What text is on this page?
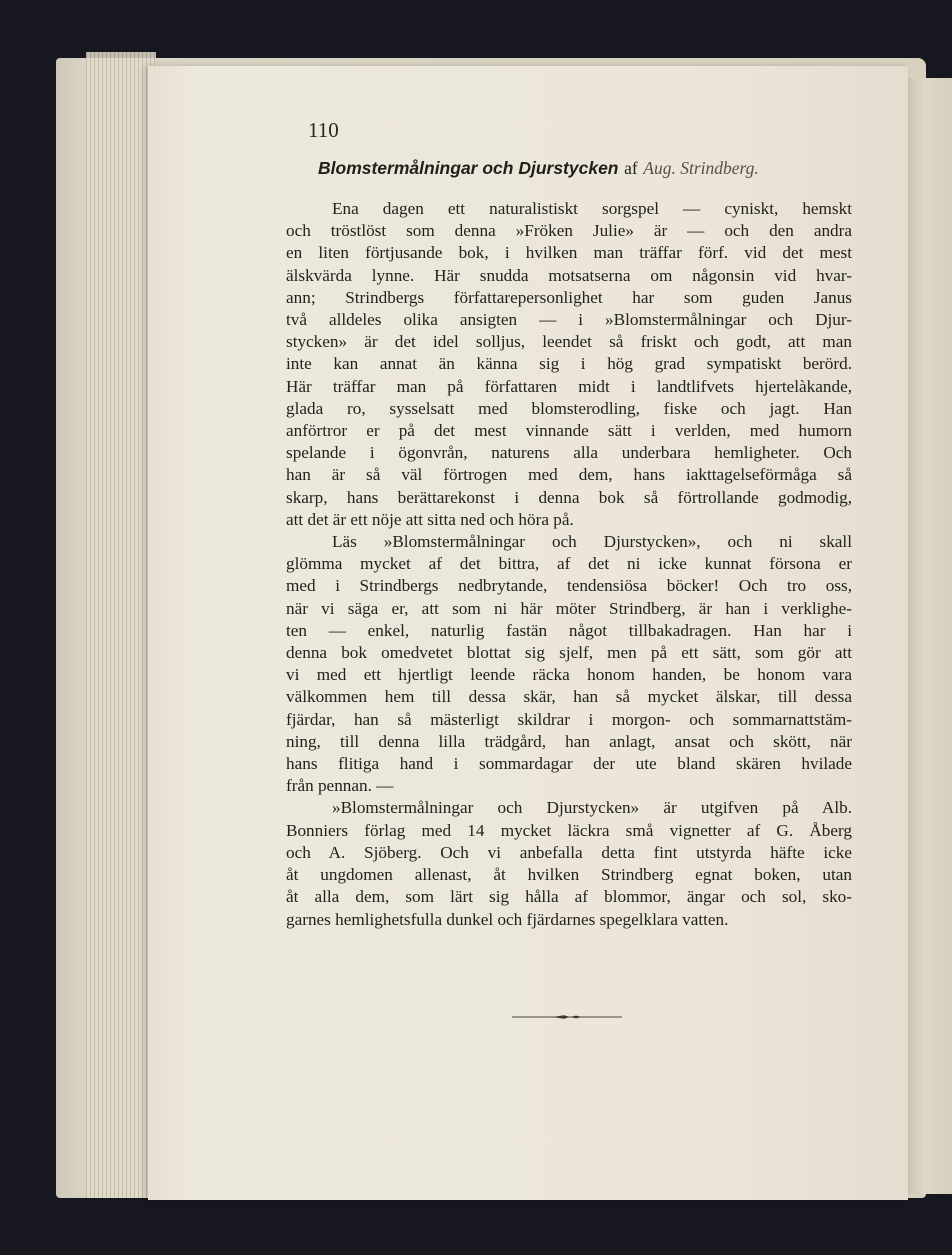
110
Blomstermålningar och Djurstycken af Aug. Strindberg.

Ena dagen ett naturalistiskt sorgspel — cyniskt, hemskt
och tröstlöst som denna »Fröken Julie» är — och den andra
en liten förtjusande bok, i hvilken man träffar förf. vid det mest
älskvärda lynne. Här snudda motsatserna om någonsin vid hvar-
ann; Strindbergs författarepersonlighet har som guden Janus
två alldeles olika ansigten — i »Blomstermålningar och Djur-
stycken» är det idel solljus, leendet så friskt och godt, att man
inte kan annat än känna sig i hög grad sympatiskt berörd.
Här träffar man på författaren midt i landtlifvets hjertelàkande,
glada ro, sysselsatt med blomsterodling, fiske och jagt. Han
anförtror er på det mest vinnande sätt i verlden, med humorn
spelande i ögonvrån, naturens alla underbara hemligheter. Och
han är så väl förtrogen med dem, hans iakttagelseförmåga så
skarp, hans berättarekonst i denna bok så förtrollande godmodig,
att det är ett nöje att sitta ned och höra på.

Läs »Blomstermålningar och Djurstycken», och ni skall
glömma mycket af det bittra, af det ni icke kunnat försona er
med i Strindbergs nedbrytande, tendensiösa böcker! Och tro oss,
när vi säga er, att som ni här möter Strindberg, är han i verklighe-
ten — enkel, naturlig fastän något tillbakadragen. Han har i
denna bok omedvetet blottat sig sjelf, men på ett sätt, som gör att
vi med ett hjertligt leende räcka honom handen, be honom vara
välkommen hem till dessa skär, han så mycket älskar, till dessa
fjärdar, han så mästerligt skildrar i morgon- och sommarnattstäm-
ning, till denna lilla trädgård, han anlagt, ansat och skött, när
hans flitiga hand i sommardagar der ute bland skären hvilade
från pennan. —

»Blomstermålningar och Djurstycken» är utgifven på Alb.
Bonniers förlag med 14 mycket läckra små vignetter af G. Åberg
och A. Sjöberg. Och vi anbefalla detta fint utstyrda häfte icke
åt ungdomen allenast, åt hvilken Strindberg egnat boken, utan
åt alla dem, som lärt sig hålla af blommor, ängar och sol, sko-
garnes hemlighetsfulla dunkel och fjärdarnes spegelklara vatten.
